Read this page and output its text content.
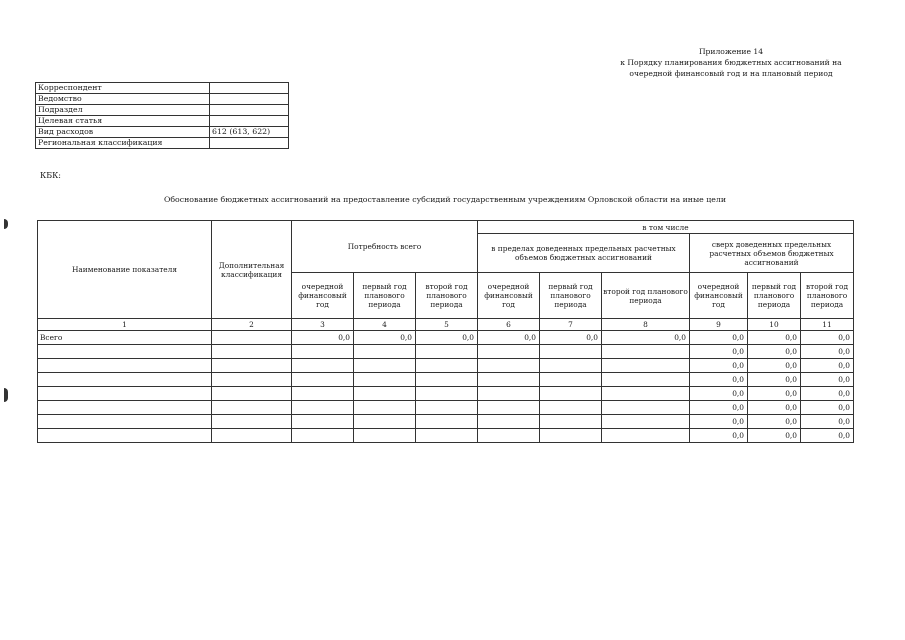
Приложение 14
к Порядку планирования бюджетных ассигнований на
очередной финансовый год и на плановый период
Корреспондент	
Ведомство	
Подраздел	
Целевая статья	
Вид расходов	612 (613, 622)
Региональная классификация	
КБК:
Обоснование бюджетных ассигнований на предоставление субсидий государственным учреждениям Орловской области на иные цели
Наименование показателя	Дополнительная классификация	Потребность всего			в том числе					
					в пределах доведенных предельных расчетных объемов бюджетных ассигнований			сверх доведенных предельных расчетных объемов бюджетных ассигнований		
		очередной финансовый год	первый год планового периода	второй год планового периода	очередной финансовый год	первый год планового периода	второй год планового периода	очередной финансовый год	первый год планового периода	второй год планового периода
1	2	3	4	5	6	7	8	9	10	11
Всего		0,0	0,0	0,0	0,0	0,0	0,0	0,0	0,0	0,0
								0,0	0,0	0,0
								0,0	0,0	0,0
								0,0	0,0	0,0
								0,0	0,0	0,0
								0,0	0,0	0,0
								0,0	0,0	0,0
								0,0	0,0	0,0
